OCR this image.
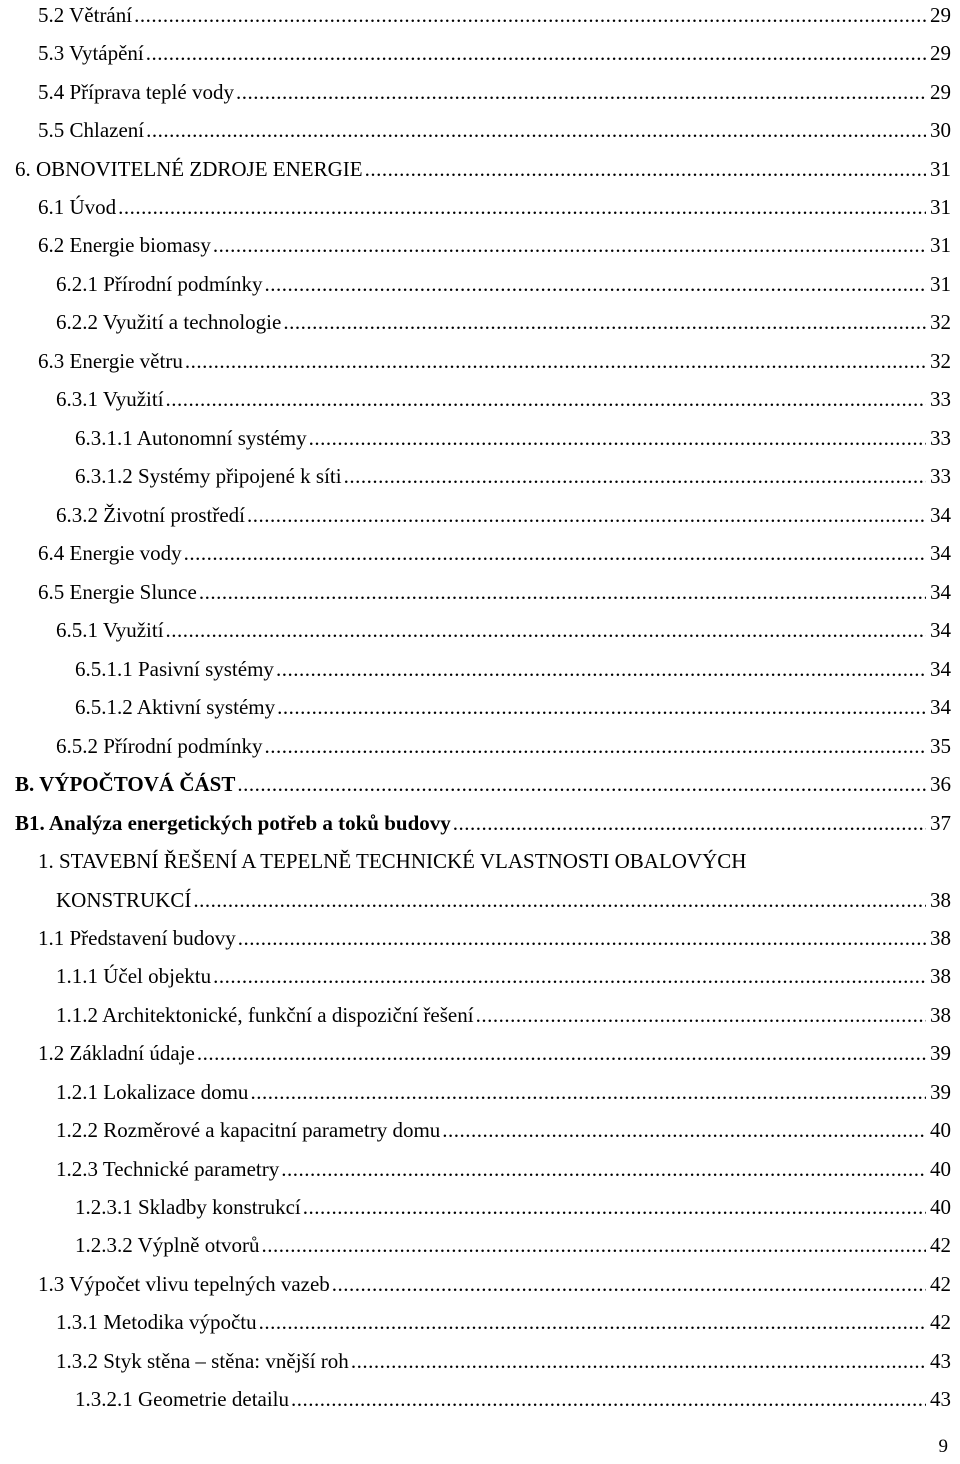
5.2 Větrání .....	29
5.3 Vytápění .....	29
5.4 Příprava teplé vody .....	29
5.5 Chlazení .....	30
6. OBNOVITELNÉ ZDROJE ENERGIE .....	31
6.1 Úvod .....	31
6.2 Energie biomasy .....	31
6.2.1 Přírodní podmínky .....	31
6.2.2 Využití a technologie .....	32
6.3 Energie větru .....	32
6.3.1 Využití .....	33
6.3.1.1 Autonomní systémy .....	33
6.3.1.2 Systémy připojené k síti .....	33
6.3.2 Životní prostředí .....	34
6.4 Energie vody .....	34
6.5 Energie Slunce .....	34
6.5.1 Využití .....	34
6.5.1.1 Pasivní systémy .....	34
6.5.1.2 Aktivní systémy .....	34
6.5.2 Přírodní podmínky .....	35
B. VÝPOČTOVÁ ČÁST .....	36
B1. Analýza energetických potřeb a toků budovy .....	37
1. STAVEBNÍ ŘEŠENÍ A TEPELNĚ TECHNICKÉ VLASTNOSTI OBALOVÝCH
KONSTRUKCÍ .....	38
1.1 Představení budovy .....	38
1.1.1 Účel objektu .....	38
1.1.2 Architektonické, funkční a dispoziční řešení .....	38
1.2 Základní údaje .....	39
1.2.1 Lokalizace domu .....	39
1.2.2 Rozměrové a kapacitní parametry domu .....	40
1.2.3 Technické parametry .....	40
1.2.3.1 Skladby konstrukcí .....	40
1.2.3.2 Výplně otvorů .....	42
1.3 Výpočet vlivu tepelných vazeb .....	42
1.3.1 Metodika výpočtu .....	42
1.3.2 Styk stěna – stěna: vnější roh .....	43
1.3.2.1 Geometrie detailu .....	43
9
